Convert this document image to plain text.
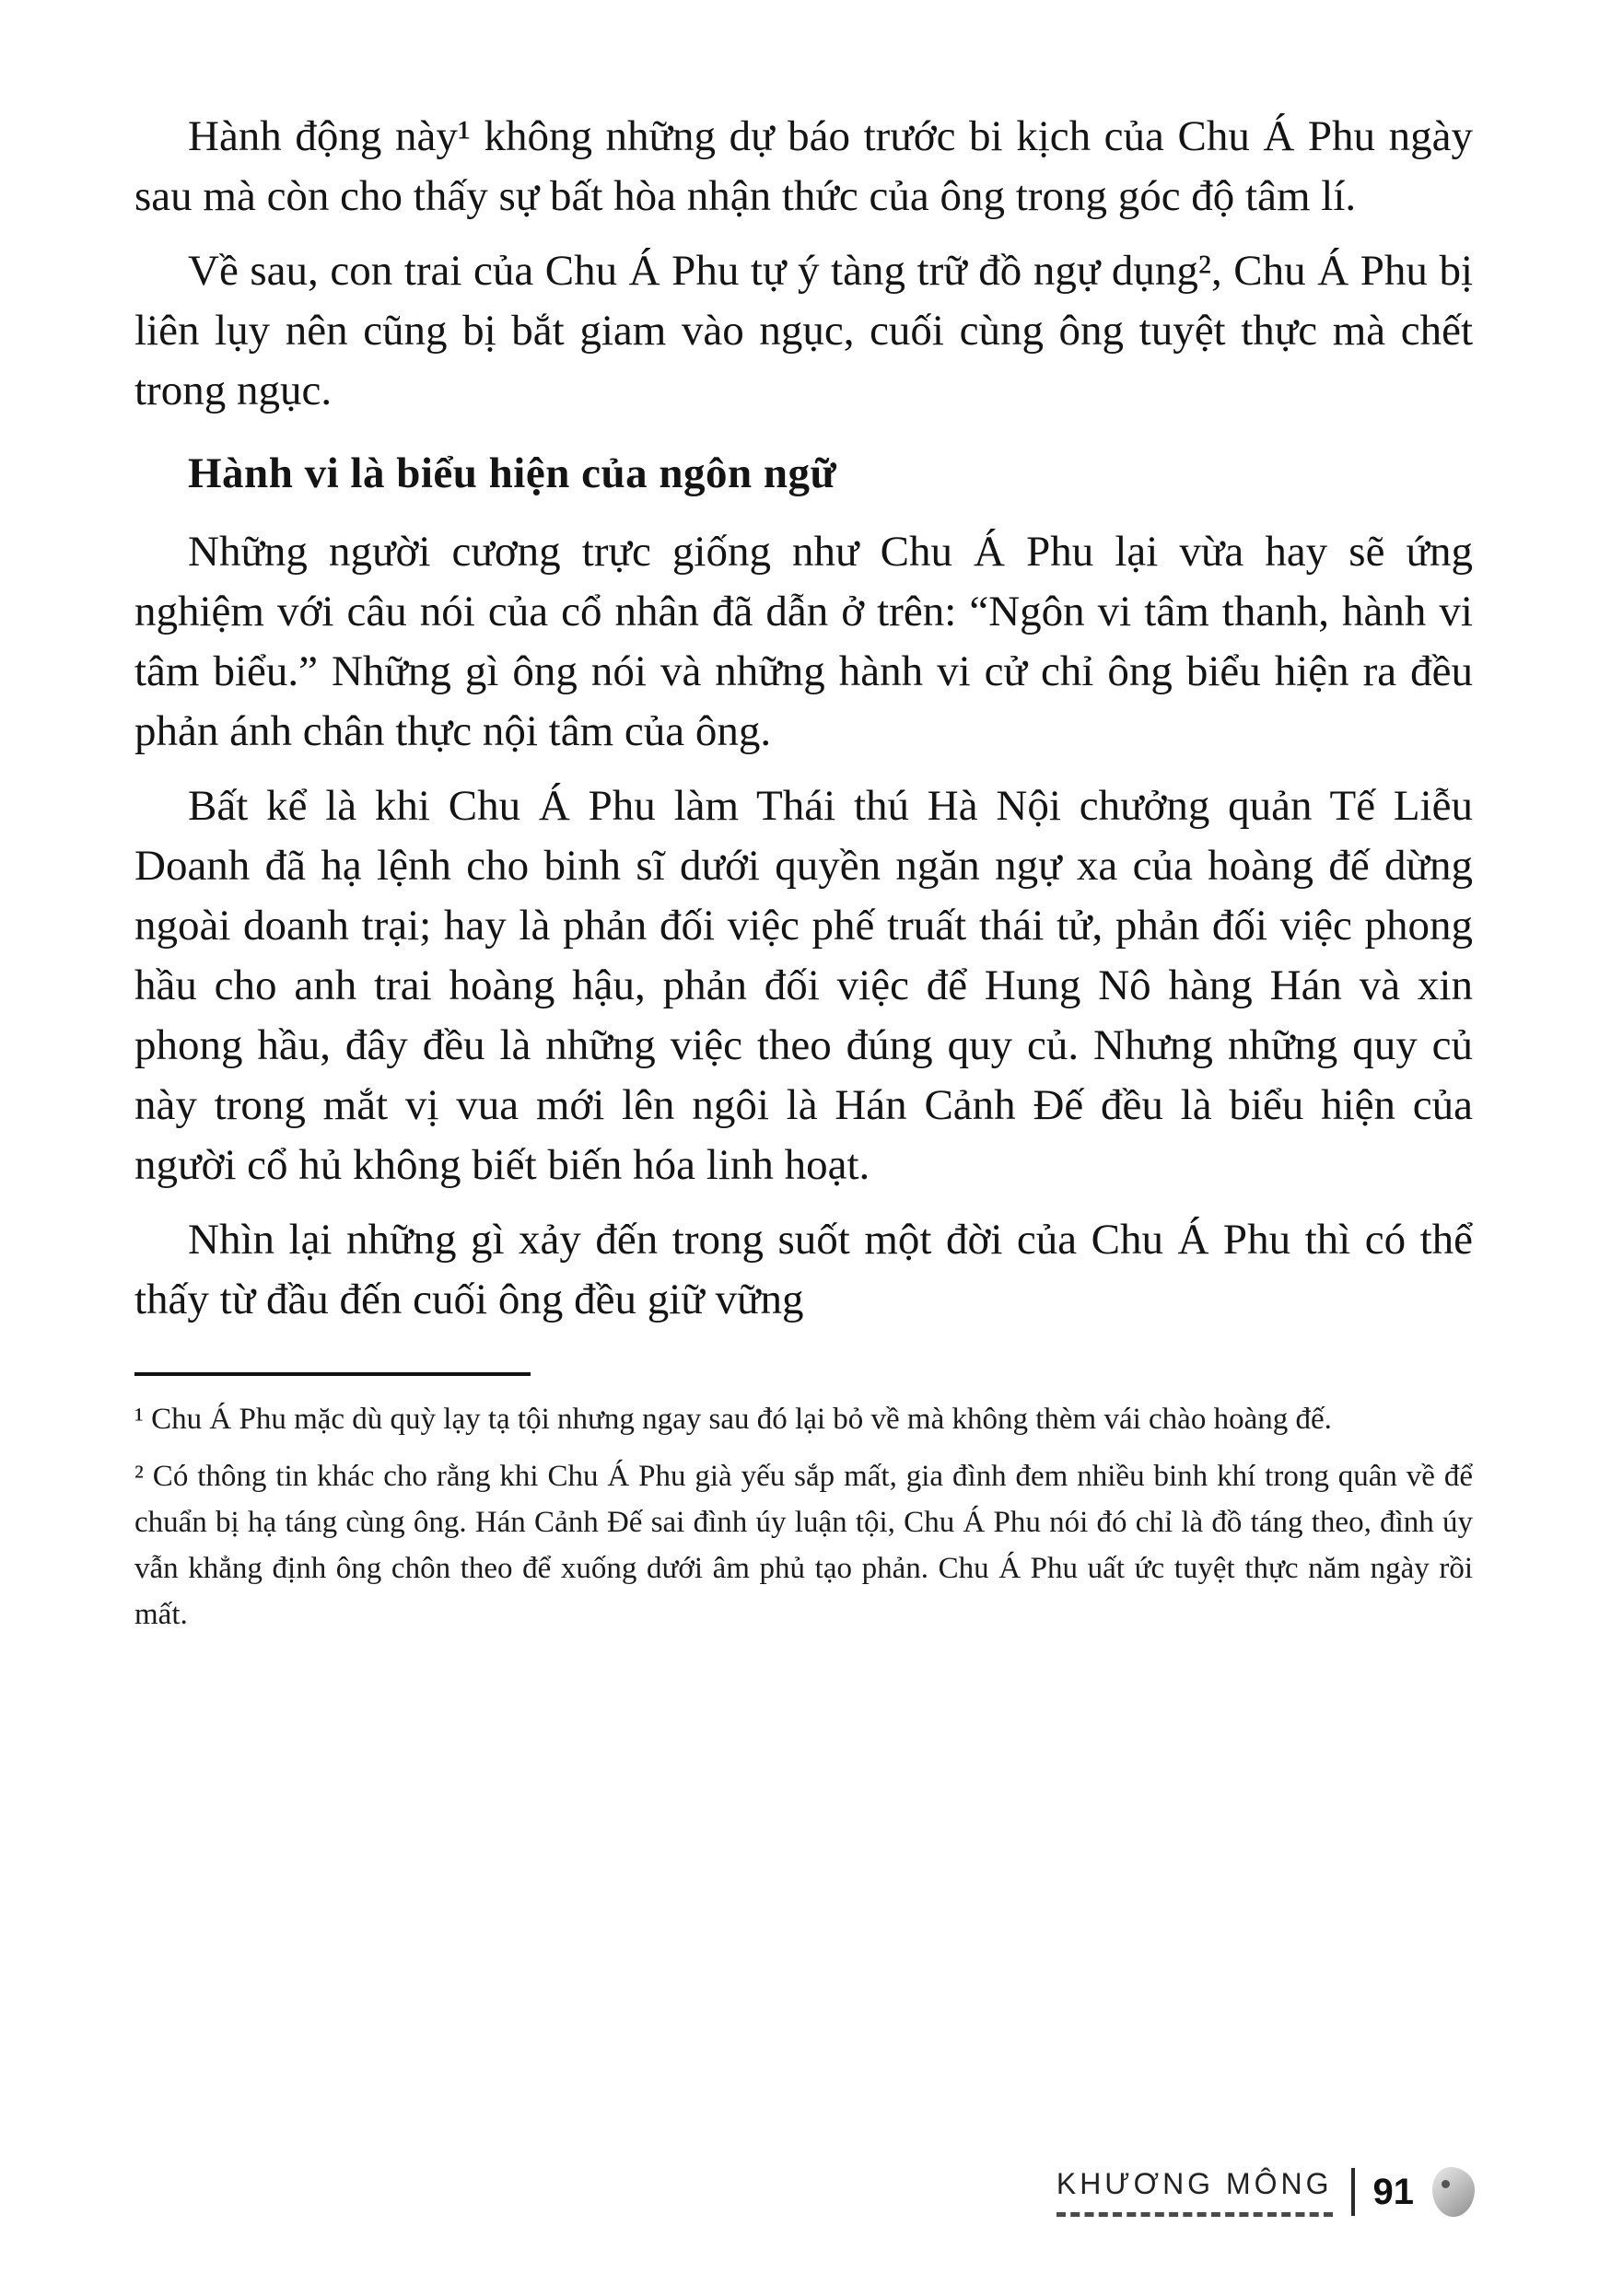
Hành động này¹ không những dự báo trước bi kịch của Chu Á Phu ngày sau mà còn cho thấy sự bất hòa nhận thức của ông trong góc độ tâm lí.

Về sau, con trai của Chu Á Phu tự ý tàng trữ đồ ngự dụng², Chu Á Phu bị liên lụy nên cũng bị bắt giam vào ngục, cuối cùng ông tuyệt thực mà chết trong ngục.

Hành vi là biểu hiện của ngôn ngữ

Những người cương trực giống như Chu Á Phu lại vừa hay sẽ ứng nghiệm với câu nói của cổ nhân đã dẫn ở trên: “Ngôn vi tâm thanh, hành vi tâm biểu.” Những gì ông nói và những hành vi cử chỉ ông biểu hiện ra đều phản ánh chân thực nội tâm của ông.

Bất kể là khi Chu Á Phu làm Thái thú Hà Nội chưởng quản Tế Liễu Doanh đã hạ lệnh cho binh sĩ dưới quyền ngăn ngự xa của hoàng đế dừng ngoài doanh trại; hay là phản đối việc phế truất thái tử, phản đối việc phong hầu cho anh trai hoàng hậu, phản đối việc để Hung Nô hàng Hán và xin phong hầu, đây đều là những việc theo đúng quy củ. Nhưng những quy củ này trong mắt vị vua mới lên ngôi là Hán Cảnh Đế đều là biểu hiện của người cổ hủ không biết biến hóa linh hoạt.

Nhìn lại những gì xảy đến trong suốt một đời của Chu Á Phu thì có thể thấy từ đầu đến cuối ông đều giữ vững

¹ Chu Á Phu mặc dù quỳ lạy tạ tội nhưng ngay sau đó lại bỏ về mà không thèm vái chào hoàng đế.

² Có thông tin khác cho rằng khi Chu Á Phu già yếu sắp mất, gia đình đem nhiều binh khí trong quân về để chuẩn bị hạ táng cùng ông. Hán Cảnh Đế sai đình úy luận tội, Chu Á Phu nói đó chỉ là đồ táng theo, đình úy vẫn khẳng định ông chôn theo để xuống dưới âm phủ tạo phản. Chu Á Phu uất ức tuyệt thực năm ngày rồi mất.

KHƯƠNG MÔNG 91
